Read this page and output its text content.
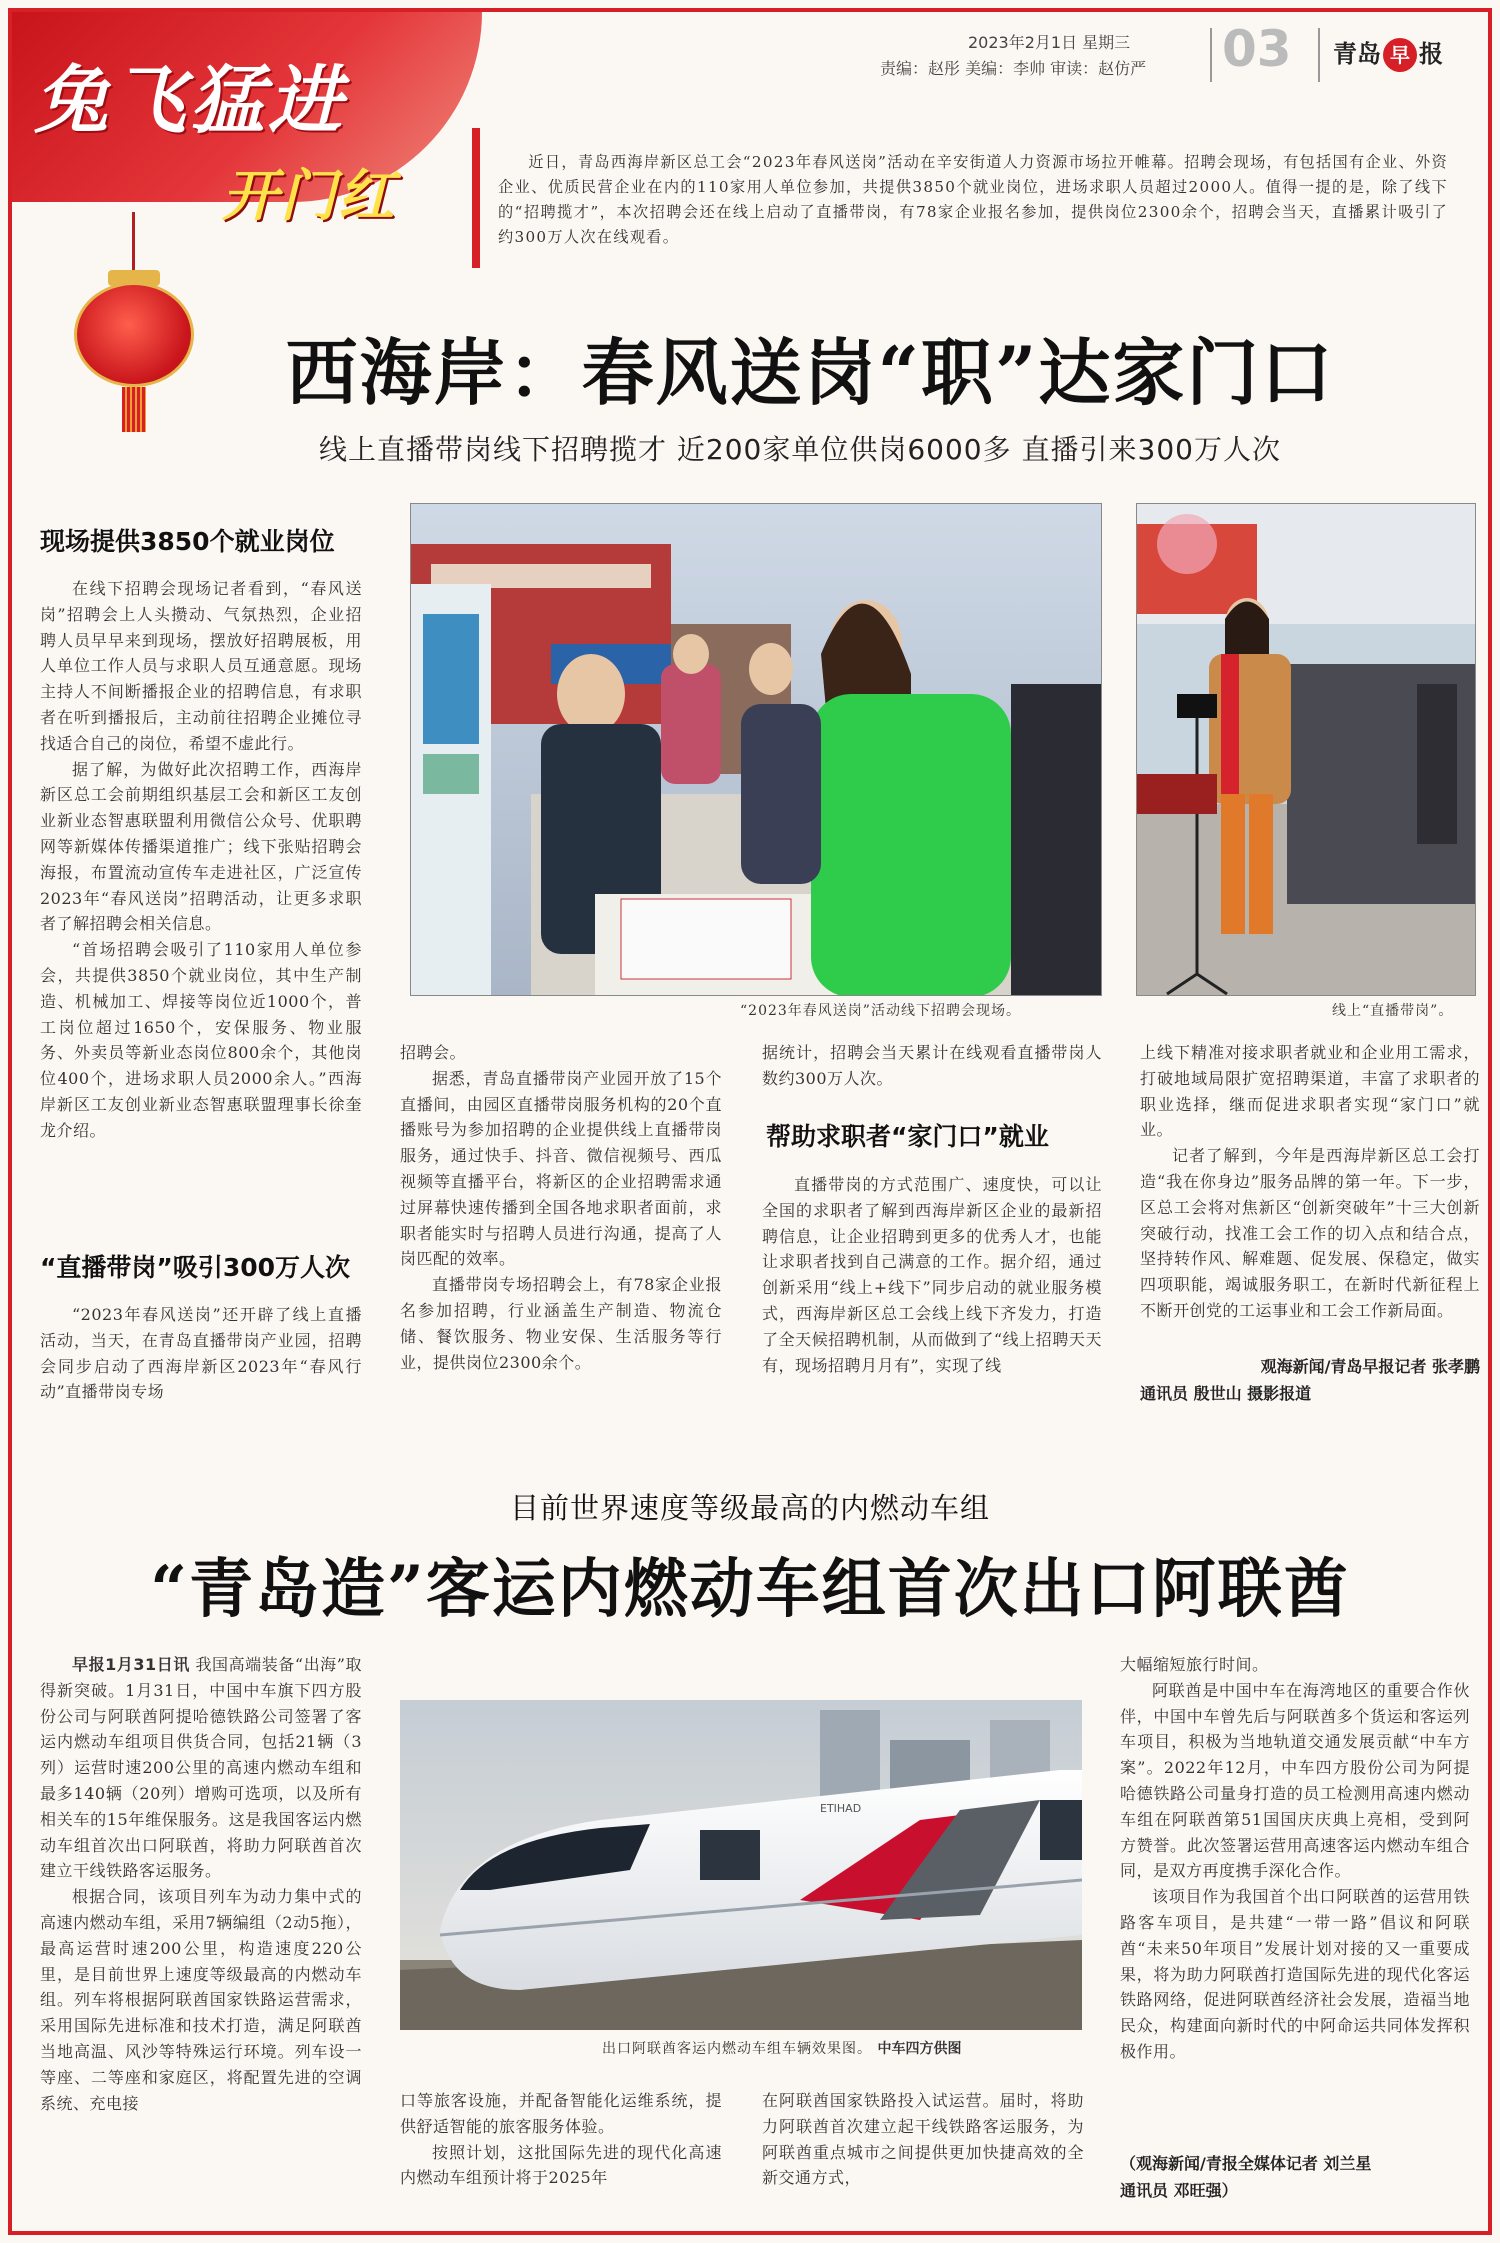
兔飞猛进
开门红
2023年2月1日 星期三
责编：赵彤 美编：李帅 审读：赵仿严 03 青岛 早 报
近日，青岛西海岸新区总工会“2023年春风送岗”活动在辛安街道人力资源市场拉开帷幕。招聘会现场，有包括国有企业、外资企业、优质民营企业在内的110家用人单位参加，共提供3850个就业岗位，进场求职人员超过2000人。值得一提的是，除了线下的“招聘揽才”，本次招聘会还在线上启动了直播带岗，有78家企业报名参加，提供岗位2300余个，招聘会当天，直播累计吸引了约300万人次在线观看。
西海岸：春风送岗“职”达家门口
线上直播带岗线下招聘揽才 近200家单位供岗6000多 直播引来300万人次
现场提供3850个就业岗位

在线下招聘会现场记者看到，“春风送岗”招聘会上人头攒动、气氛热烈，企业招聘人员早早来到现场，摆放好招聘展板，用人单位工作人员与求职人员互通意愿。现场主持人不间断播报企业的招聘信息，有求职者在听到播报后，主动前往招聘企业摊位寻找适合自己的岗位，希望不虚此行。

据了解，为做好此次招聘工作，西海岸新区总工会前期组织基层工会和新区工友创业新业态智惠联盟利用微信公众号、优职聘网等新媒体传播渠道推广；线下张贴招聘会海报，布置流动宣传车走进社区，广泛宣传2023年“春风送岗”招聘活动，让更多求职者了解招聘会相关信息。

“首场招聘会吸引了110家用人单位参会，共提供3850个就业岗位，其中生产制造、机械加工、焊接等岗位近1000个，普工岗位超过1650个，安保服务、物业服务、外卖员等新业态岗位800余个，其他岗位400个，进场求职人员2000余人。”西海岸新区工友创业新业态智惠联盟理事长徐奎龙介绍。

“直播带岗”吸引300万人次

“2023年春风送岗”还开辟了线上直播活动，当天，在青岛直播带岗产业园，招聘会同步启动了西海岸新区2023年“春风行动”直播带岗专场

“2023年春风送岗”活动线下招聘会现场。	线上“直播带岗”。

招聘会。

据悉，青岛直播带岗产业园开放了15个直播间，由园区直播带岗服务机构的20个直播账号为参加招聘的企业提供线上直播带岗服务，通过快手、抖音、微信视频号、西瓜视频等直播平台，将新区的企业招聘需求通过屏幕快速传播到全国各地求职者面前，求职者能实时与招聘人员进行沟通，提高了人岗匹配的效率。

直播带岗专场招聘会上，有78家企业报名参加招聘，行业涵盖生产制造、物流仓储、餐饮服务、物业安保、生活服务等行业，提供岗位2300余个。

据统计，招聘会当天累计在线观看直播带岗人数约300万人次。

帮助求职者“家门口”就业

直播带岗的方式范围广、速度快，可以让全国的求职者了解到西海岸新区企业的最新招聘信息，让企业招聘到更多的优秀人才，也能让求职者找到自己满意的工作。据介绍，通过创新采用“线上+线下”同步启动的就业服务模式，西海岸新区总工会线上线下齐发力，打造了全天候招聘机制，从而做到了“线上招聘天天有，现场招聘月月有”，实现了线

上线下精准对接求职者就业和企业用工需求，打破地域局限扩宽招聘渠道，丰富了求职者的职业选择，继而促进求职者实现“家门口”就业。

记者了解到，今年是西海岸新区总工会打造“我在你身边”服务品牌的第一年。下一步，区总工会将对焦新区“创新突破年”十三大创新突破行动，找准工会工作的切入点和结合点，坚持转作风、解难题、促发展、保稳定，做实四项职能，竭诚服务职工，在新时代新征程上不断开创党的工运事业和工会工作新局面。

观海新闻/青岛早报记者 张孝鹏
通讯员 殷世山 摄影报道
目前世界速度等级最高的内燃动车组
“青岛造”客运内燃动车组首次出口阿联酋

早报1月31日讯 我国高端装备“出海”取得新突破。1月31日，中国中车旗下四方股份公司与阿联酋阿提哈德铁路公司签署了客运内燃动车组项目供货合同，包括21辆（3列）运营时速200公里的高速内燃动车组和最多140辆（20列）增购可选项，以及所有相关车的15年维保服务。这是我国客运内燃动车组首次出口阿联酋，将助力阿联酋首次建立干线铁路客运服务。

根据合同，该项目列车为动力集中式的高速内燃动车组，采用7辆编组（2动5拖），最高运营时速200公里，构造速度220公里，是目前世界上速度等级最高的内燃动车组。列车将根据阿联酋国家铁路运营需求，采用国际先进标准和技术打造，满足阿联酋当地高温、风沙等特殊运行环境。列车设一等座、二等座和家庭区，将配置先进的空调系统、充电接

ETIHAD
出口阿联酋客运内燃动车组车辆效果图。 中车四方供图

口等旅客设施，并配备智能化运维系统，提供舒适智能的旅客服务体验。

按照计划，这批国际先进的现代化高速内燃动车组预计将于2025年

在阿联酋国家铁路投入试运营。届时，将助力阿联酋首次建立起干线铁路客运服务，为阿联酋重点城市之间提供更加快捷高效的全新交通方式，

大幅缩短旅行时间。

阿联酋是中国中车在海湾地区的重要合作伙伴，中国中车曾先后与阿联酋多个货运和客运列车项目，积极为当地轨道交通发展贡献“中车方案”。2022年12月，中车四方股份公司为阿提哈德铁路公司量身打造的员工检测用高速内燃动车组在阿联酋第51国国庆庆典上亮相，受到阿方赞誉。此次签署运营用高速客运内燃动车组合同，是双方再度携手深化合作。

该项目作为我国首个出口阿联酋的运营用铁路客车项目，是共建“一带一路”倡议和阿联酋“未来50年项目”发展计划对接的又一重要成果，将为助力阿联酋打造国际先进的现代化客运铁路网络，促进阿联酋经济社会发展，造福当地民众，构建面向新时代的中阿命运共同体发挥积极作用。

（观海新闻/青报全媒体记者 刘兰星
通讯员 邓旺强）
